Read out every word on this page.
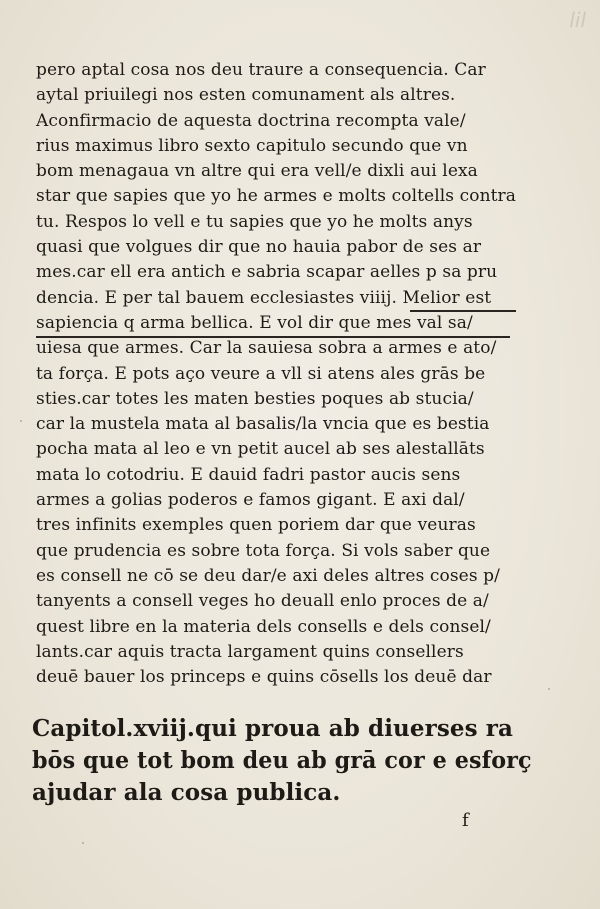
lil
pero aptal cosa nos deu traure a consequencia. Car
aytal priuilegi nos esten comunament als altres.
Aconfirmacio de aquesta doctrina recompta vale/
rius maximus libro sexto capitulo secundo que vn
bom menagaua vn altre qui era vell/e dixli aui lexa
star que sapies que yo he armes e molts coltells contra
tu. Respos lo vell e tu sapies que yo he molts anys
quasi que volgues dir que no hauia pabor de ses ar
mes.car ell era antich e sabria scapar aelles p sa pru
dencia. E per tal bauem ecclesiastes viiij. Melior est
sapiencia q arma bellica. E vol dir que mes val sa/
uiesa que armes. Car la sauiesa sobra a armes e ato/
ta força. E pots aço veure a vll si atens ales grās be
sties.car totes les maten besties poques ab stucia/
car la mustela mata al basalis/la vncia que es bestia
pocha mata al leo e vn petit aucel ab ses alestallāts
mata lo cotodriu. E dauid fadri pastor aucis sens
armes a golias poderos e famos gigant. E axi dal/
tres infinits exemples quen poriem dar que veuras
que prudencia es sobre tota força. Si vols saber que
es consell ne cō se deu dar/e axi deles altres coses p/
tanyents a consell veges ho deuall enlo proces de a/
quest libre en la materia dels consells e dels consel/
lants.car aquis tracta largament quins consellers
deuē bauer los princeps e quins cōsells los deuē dar
Capitol.xviij.qui proua ab diuerses ra
bōs que tot bom deu ab grā cor e esforç
ajudar ala cosa publica.
f
